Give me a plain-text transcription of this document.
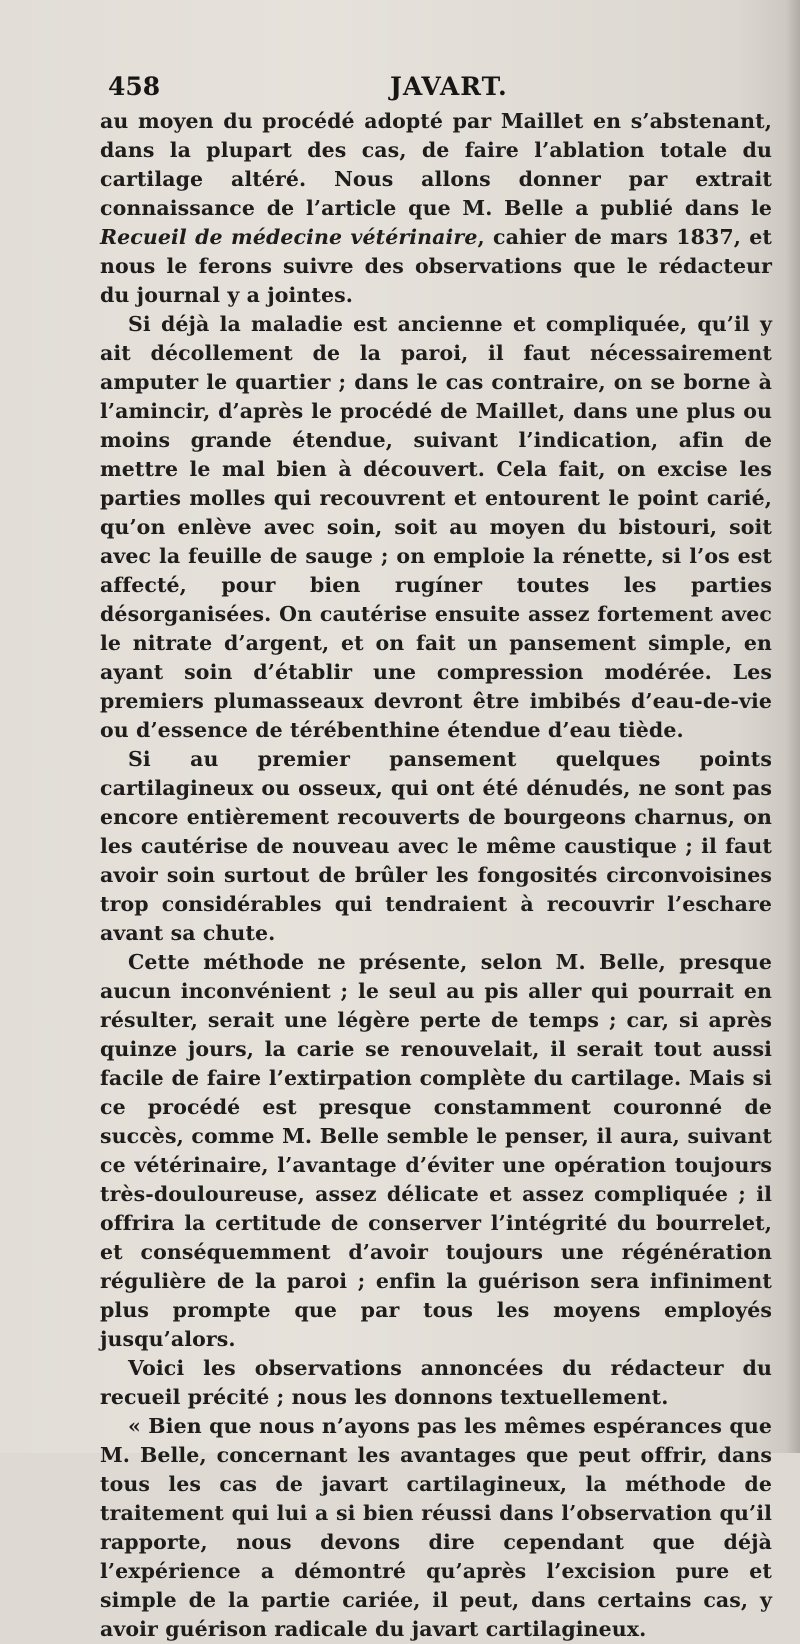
458	JAVART.

au moyen du procédé adopté par Maillet en s’abstenant, dans la plupart des cas, de faire l’ablation totale du cartilage altéré. Nous allons donner par extrait connaissance de l’article que M. Belle a publié dans le Recueil de médecine vétérinaire, cahier de mars 1837, et nous le ferons suivre des observations que le rédacteur du journal y a jointes.

Si déjà la maladie est ancienne et compliquée, qu’il y ait décollement de la paroi, il faut nécessairement amputer le quartier ; dans le cas contraire, on se borne à l’amincir, d’après le procédé de Maillet, dans une plus ou moins grande étendue, suivant l’indication, afin de mettre le mal bien à découvert. Cela fait, on excise les parties molles qui recouvrent et entourent le point carié, qu’on enlève avec soin, soit au moyen du bistouri, soit avec la feuille de sauge ; on emploie la rénette, si l’os est affecté, pour bien rugíner toutes les parties désorganisées. On cautérise ensuite assez fortement avec le nitrate d’argent, et on fait un pansement simple, en ayant soin d’établir une compression modérée. Les premiers plumasseaux devront être imbibés d’eau-de-vie ou d’essence de térébenthine étendue d’eau tiède.

Si au premier pansement quelques points cartilagineux ou osseux, qui ont été dénudés, ne sont pas encore entièrement recouverts de bourgeons charnus, on les cautérise de nouveau avec le même caustique ; il faut avoir soin surtout de brûler les fongosités circonvoisines trop considérables qui tendraient à recouvrir l’eschare avant sa chute.

Cette méthode ne présente, selon M. Belle, presque aucun inconvénient ; le seul au pis aller qui pourrait en résulter, serait une légère perte de temps ; car, si après quinze jours, la carie se renouvelait, il serait tout aussi facile de faire l’extirpation complète du cartilage. Mais si ce procédé est presque constamment couronné de succès, comme M. Belle semble le penser, il aura, suivant ce vétérinaire, l’avantage d’éviter une opération toujours très-douloureuse, assez délicate et assez compliquée ; il offrira la certitude de conserver l’intégrité du bourrelet, et conséquemment d’avoir toujours une régénération régulière de la paroi ; enfin la guérison sera infiniment plus prompte que par tous les moyens employés jusqu’alors.

Voici les observations annoncées du rédacteur du recueil précité ; nous les donnons textuellement.

« Bien que nous n’ayons pas les mêmes espérances que M. Belle, concernant les avantages que peut offrir, dans tous les cas de javart cartilagineux, la méthode de traitement qui lui a si bien réussi dans l’observation qu’il rapporte, nous devons dire cependant que déjà l’expérience a démontré qu’après l’excision pure et simple de la partie cariée, il peut, dans certains cas, y avoir guérison radicale du javart cartilagineux.
